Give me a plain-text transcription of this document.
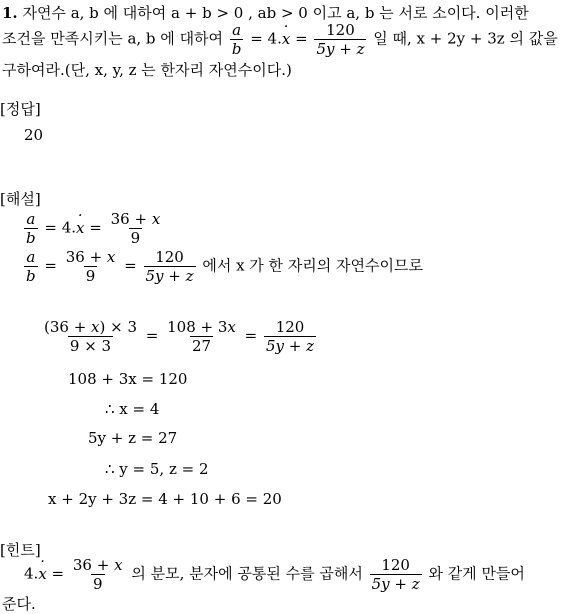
1. 자연수 a, b 에 대하여 a + b > 0 , ab > 0 이고 a, b 는 서로 소이다. 이러한
조건을 만족시키는 a, b 에 대하여 $\frac{a}{b} = 4.x$ · = $\frac{120}{5y + z}$ 일 때, x + 2y + 3z 의 값을
구하여라.(단, x, y, z 는 한자리 자연수이다.)
[정답]
20
[해설]
$\frac{a}{b} = 4.x$ · = $\frac{36 + x}{9}$
$\frac{a}{b} = \frac{36 + x}{9} = \frac{120}{5y + z}$ 에서 x 가 한 자리의 자연수이므로
$\frac{(36 + x) \times 3}{9 \times 3} = \frac{108 + 3x}{27} = \frac{120}{5y + z}$
108 + 3x = 120
∴ x = 4
5y + z = 27
∴ y = 5, z = 2
x + 2y + 3z = 4 + 10 + 6 = 20
[힌트]
4.x · = $\frac{36 + x}{9}$ 의 분모, 분자에 공통된 수를 곱해서 $\frac{120}{5y + z}$ 와 같게 만들어
준다.
